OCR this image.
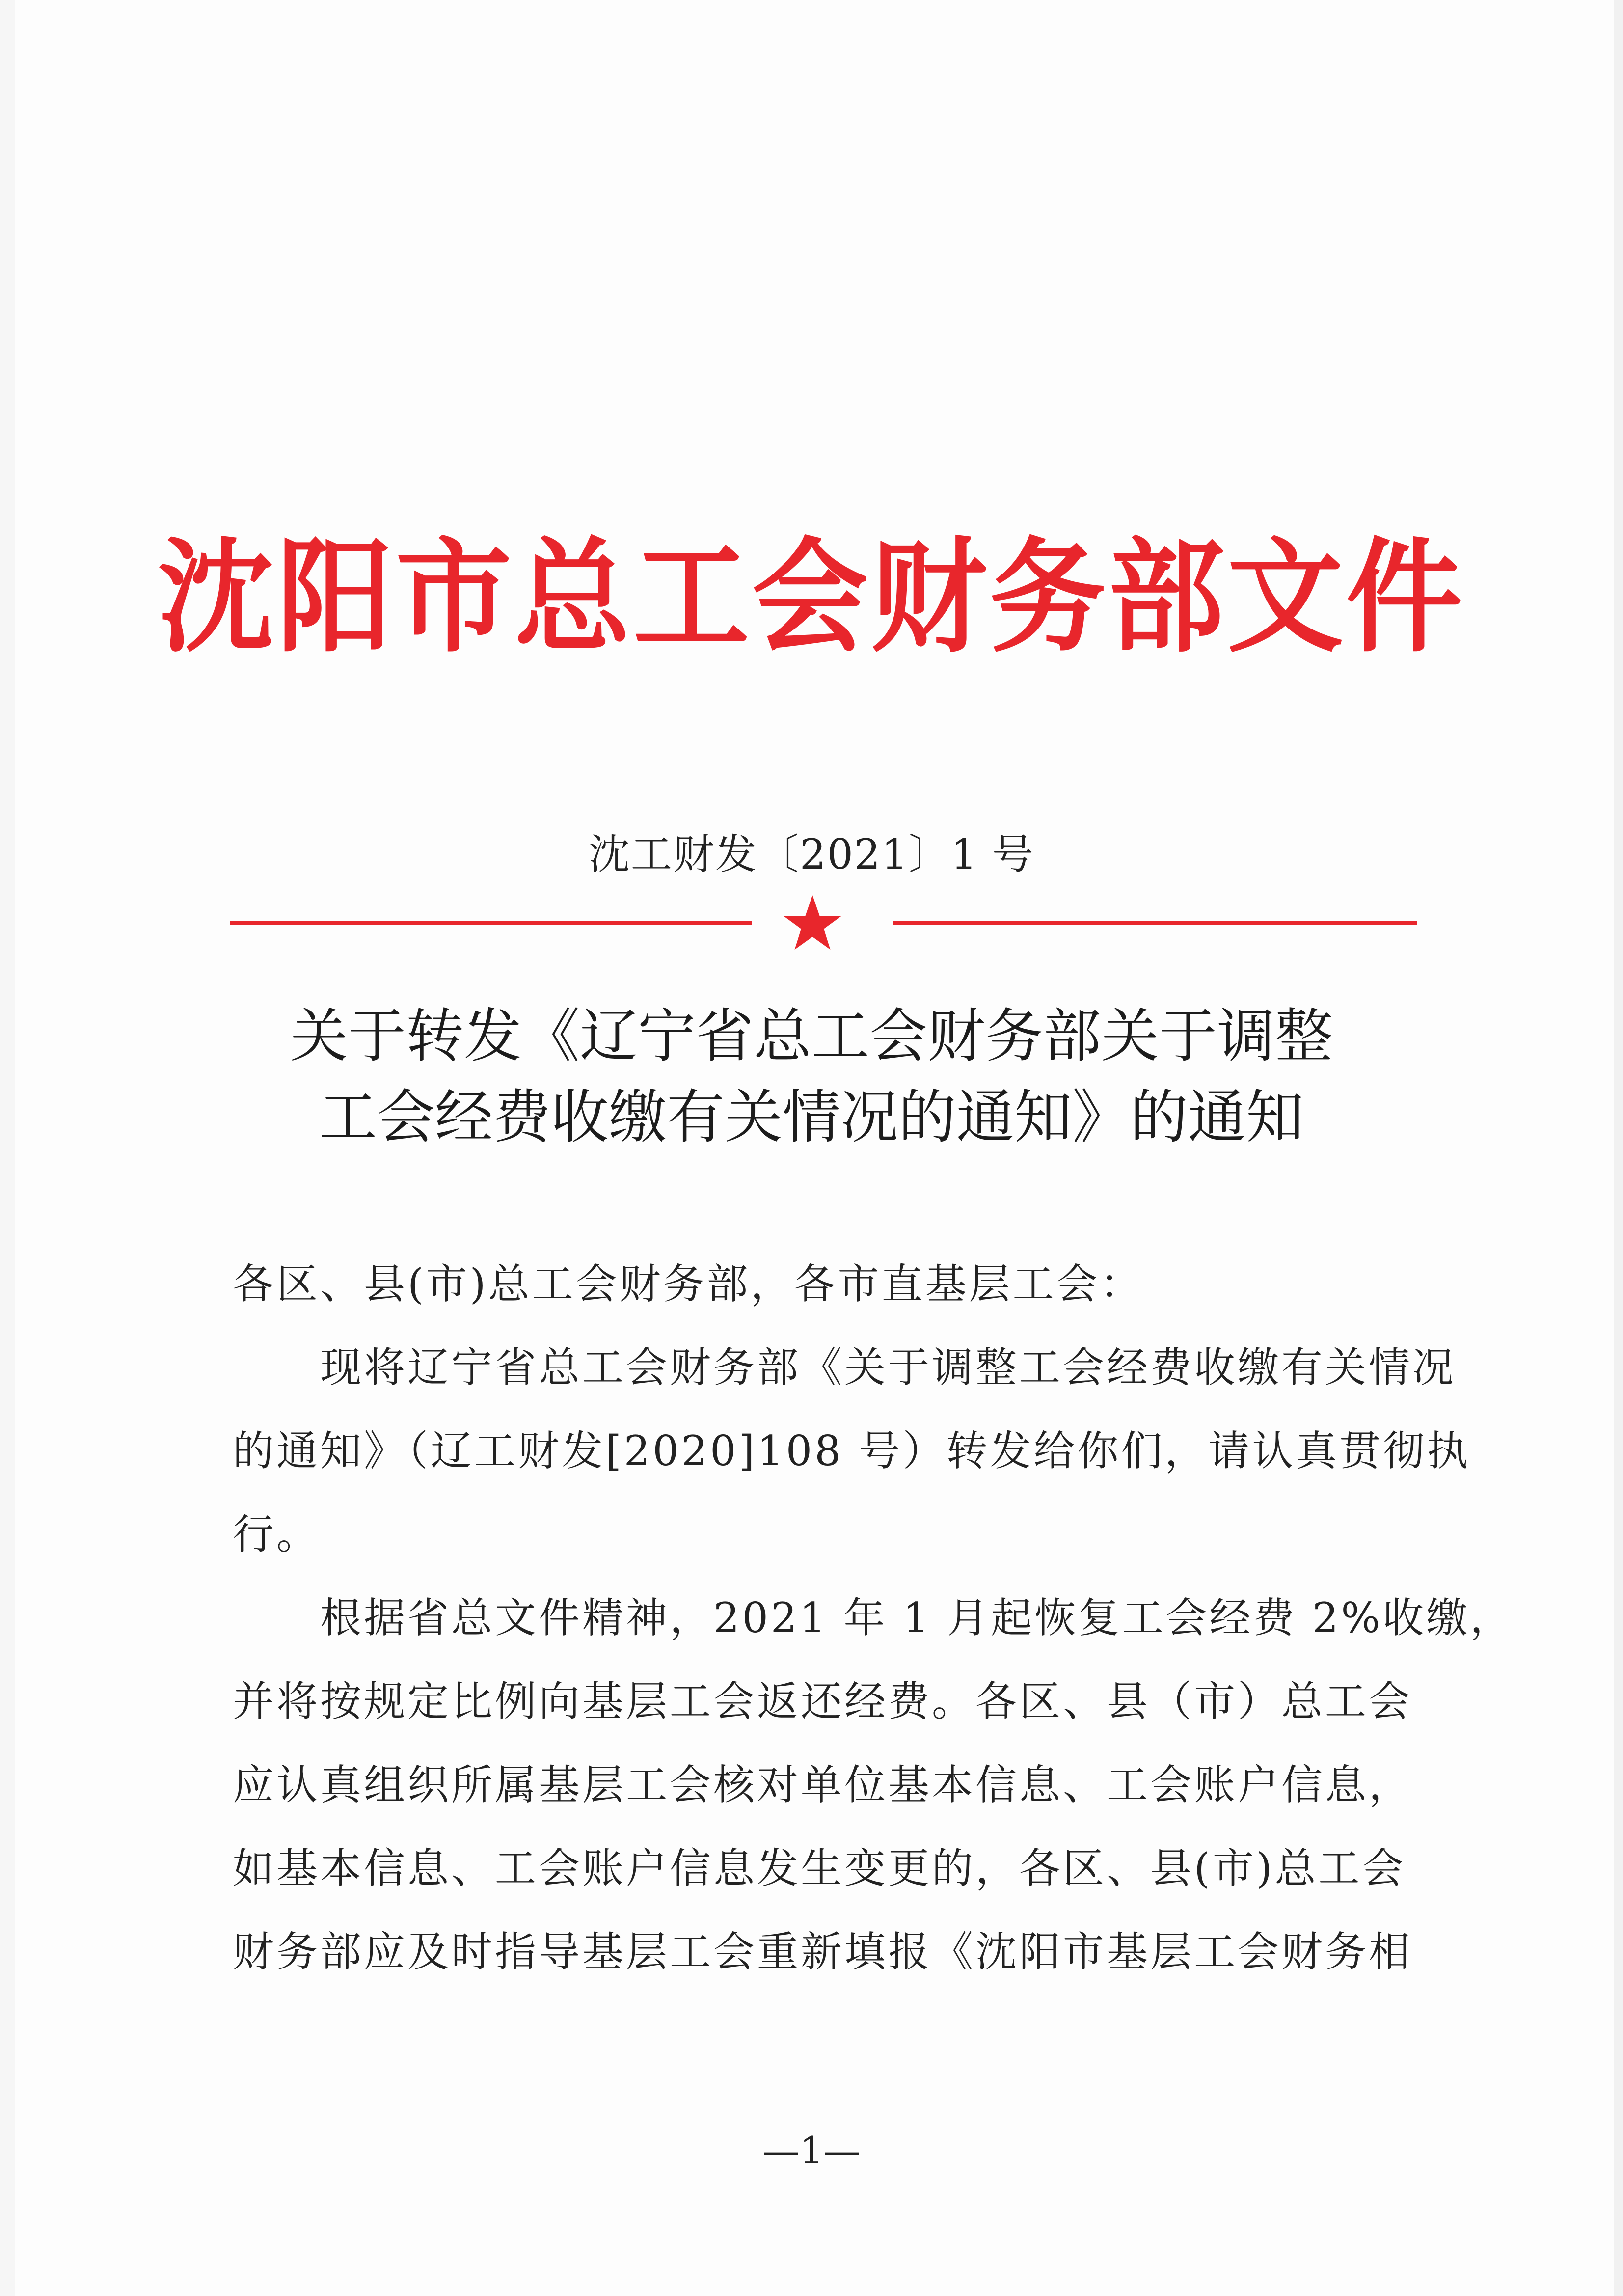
沈阳市总工会财务部文件
沈工财发〔2021〕1 号
关于转发《辽宁省总工会财务部关于调整
工会经费收缴有关情况的通知》的通知
各区、县(市)总工会财务部，各市直基层工会：
　　现将辽宁省总工会财务部《关于调整工会经费收缴有关情况
的通知》（辽工财发[2020]108 号）转发给你们，请认真贯彻执
行。
　　根据省总文件精神，2021 年 1 月起恢复工会经费 2%收缴，
并将按规定比例向基层工会返还经费。各区、县（市）总工会
应认真组织所属基层工会核对单位基本信息、工会账户信息，
如基本信息、工会账户信息发生变更的，各区、县(市)总工会
财务部应及时指导基层工会重新填报《沈阳市基层工会财务相
—1—
